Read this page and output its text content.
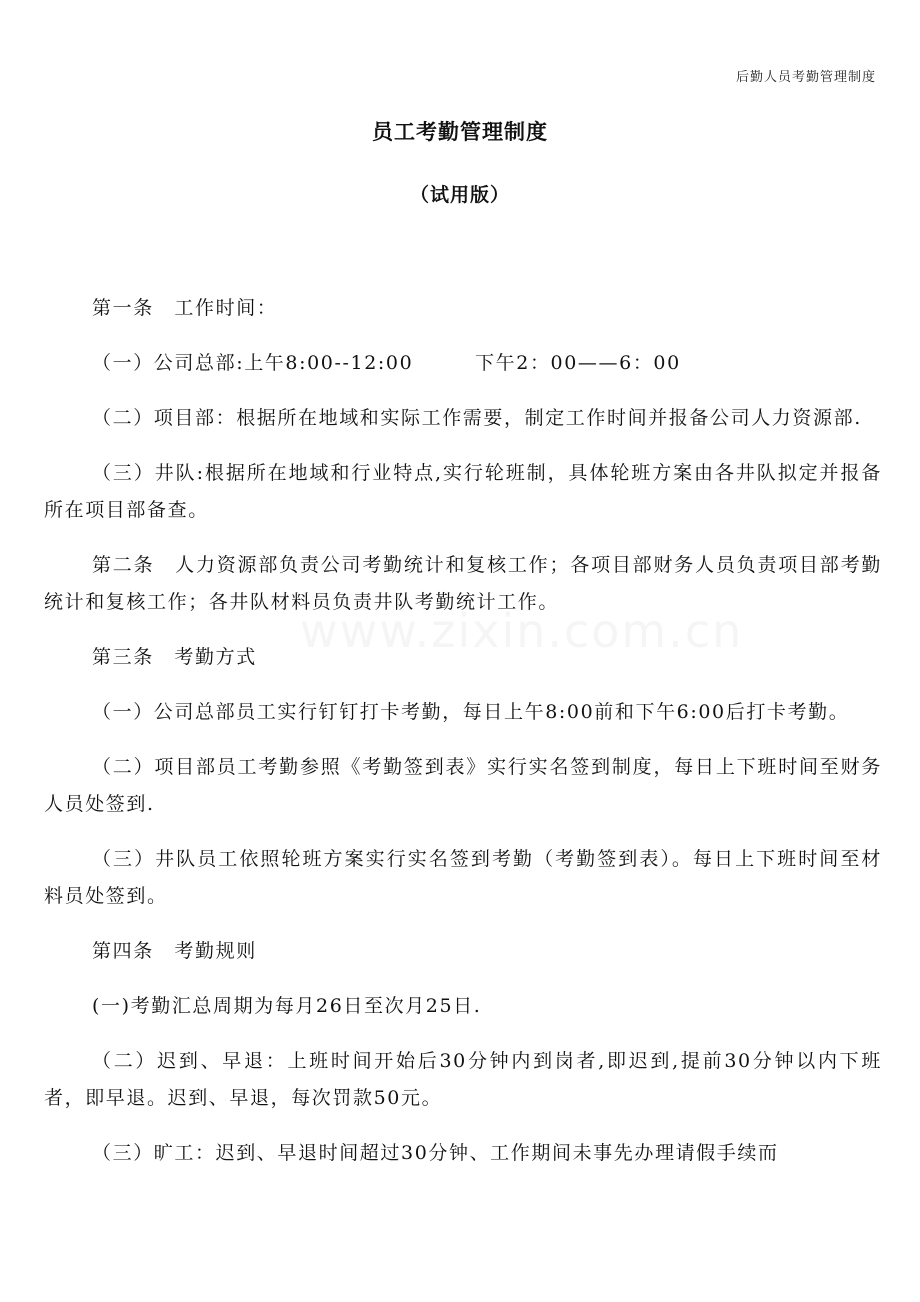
后勤人员考勤管理制度
员工考勤管理制度
（试用版）
www.zixin.com.cn

第一条　工作时间：

（一）公司总部:上午8:00--12:00　　　下午2：00——6：00

（二）项目部：根据所在地域和实际工作需要，制定工作时间并报备公司人力资源部.

（三）井队:根据所在地域和行业特点,实行轮班制，具体轮班方案由各井队拟定并报备所在项目部备查。

第二条　人力资源部负责公司考勤统计和复核工作；各项目部财务人员负责项目部考勤统计和复核工作；各井队材料员负责井队考勤统计工作。

第三条　考勤方式

（一）公司总部员工实行钉钉打卡考勤，每日上午8:00前和下午6:00后打卡考勤。

（二）项目部员工考勤参照《考勤签到表》实行实名签到制度，每日上下班时间至财务人员处签到.

（三）井队员工依照轮班方案实行实名签到考勤（考勤签到表）。每日上下班时间至材料员处签到。

第四条　考勤规则

(一)考勤汇总周期为每月26日至次月25日.

（二）迟到、早退：上班时间开始后30分钟内到岗者,即迟到,提前30分钟以内下班者，即早退。迟到、早退，每次罚款50元。

（三）旷工：迟到、早退时间超过30分钟、工作期间未事先办理请假手续而
